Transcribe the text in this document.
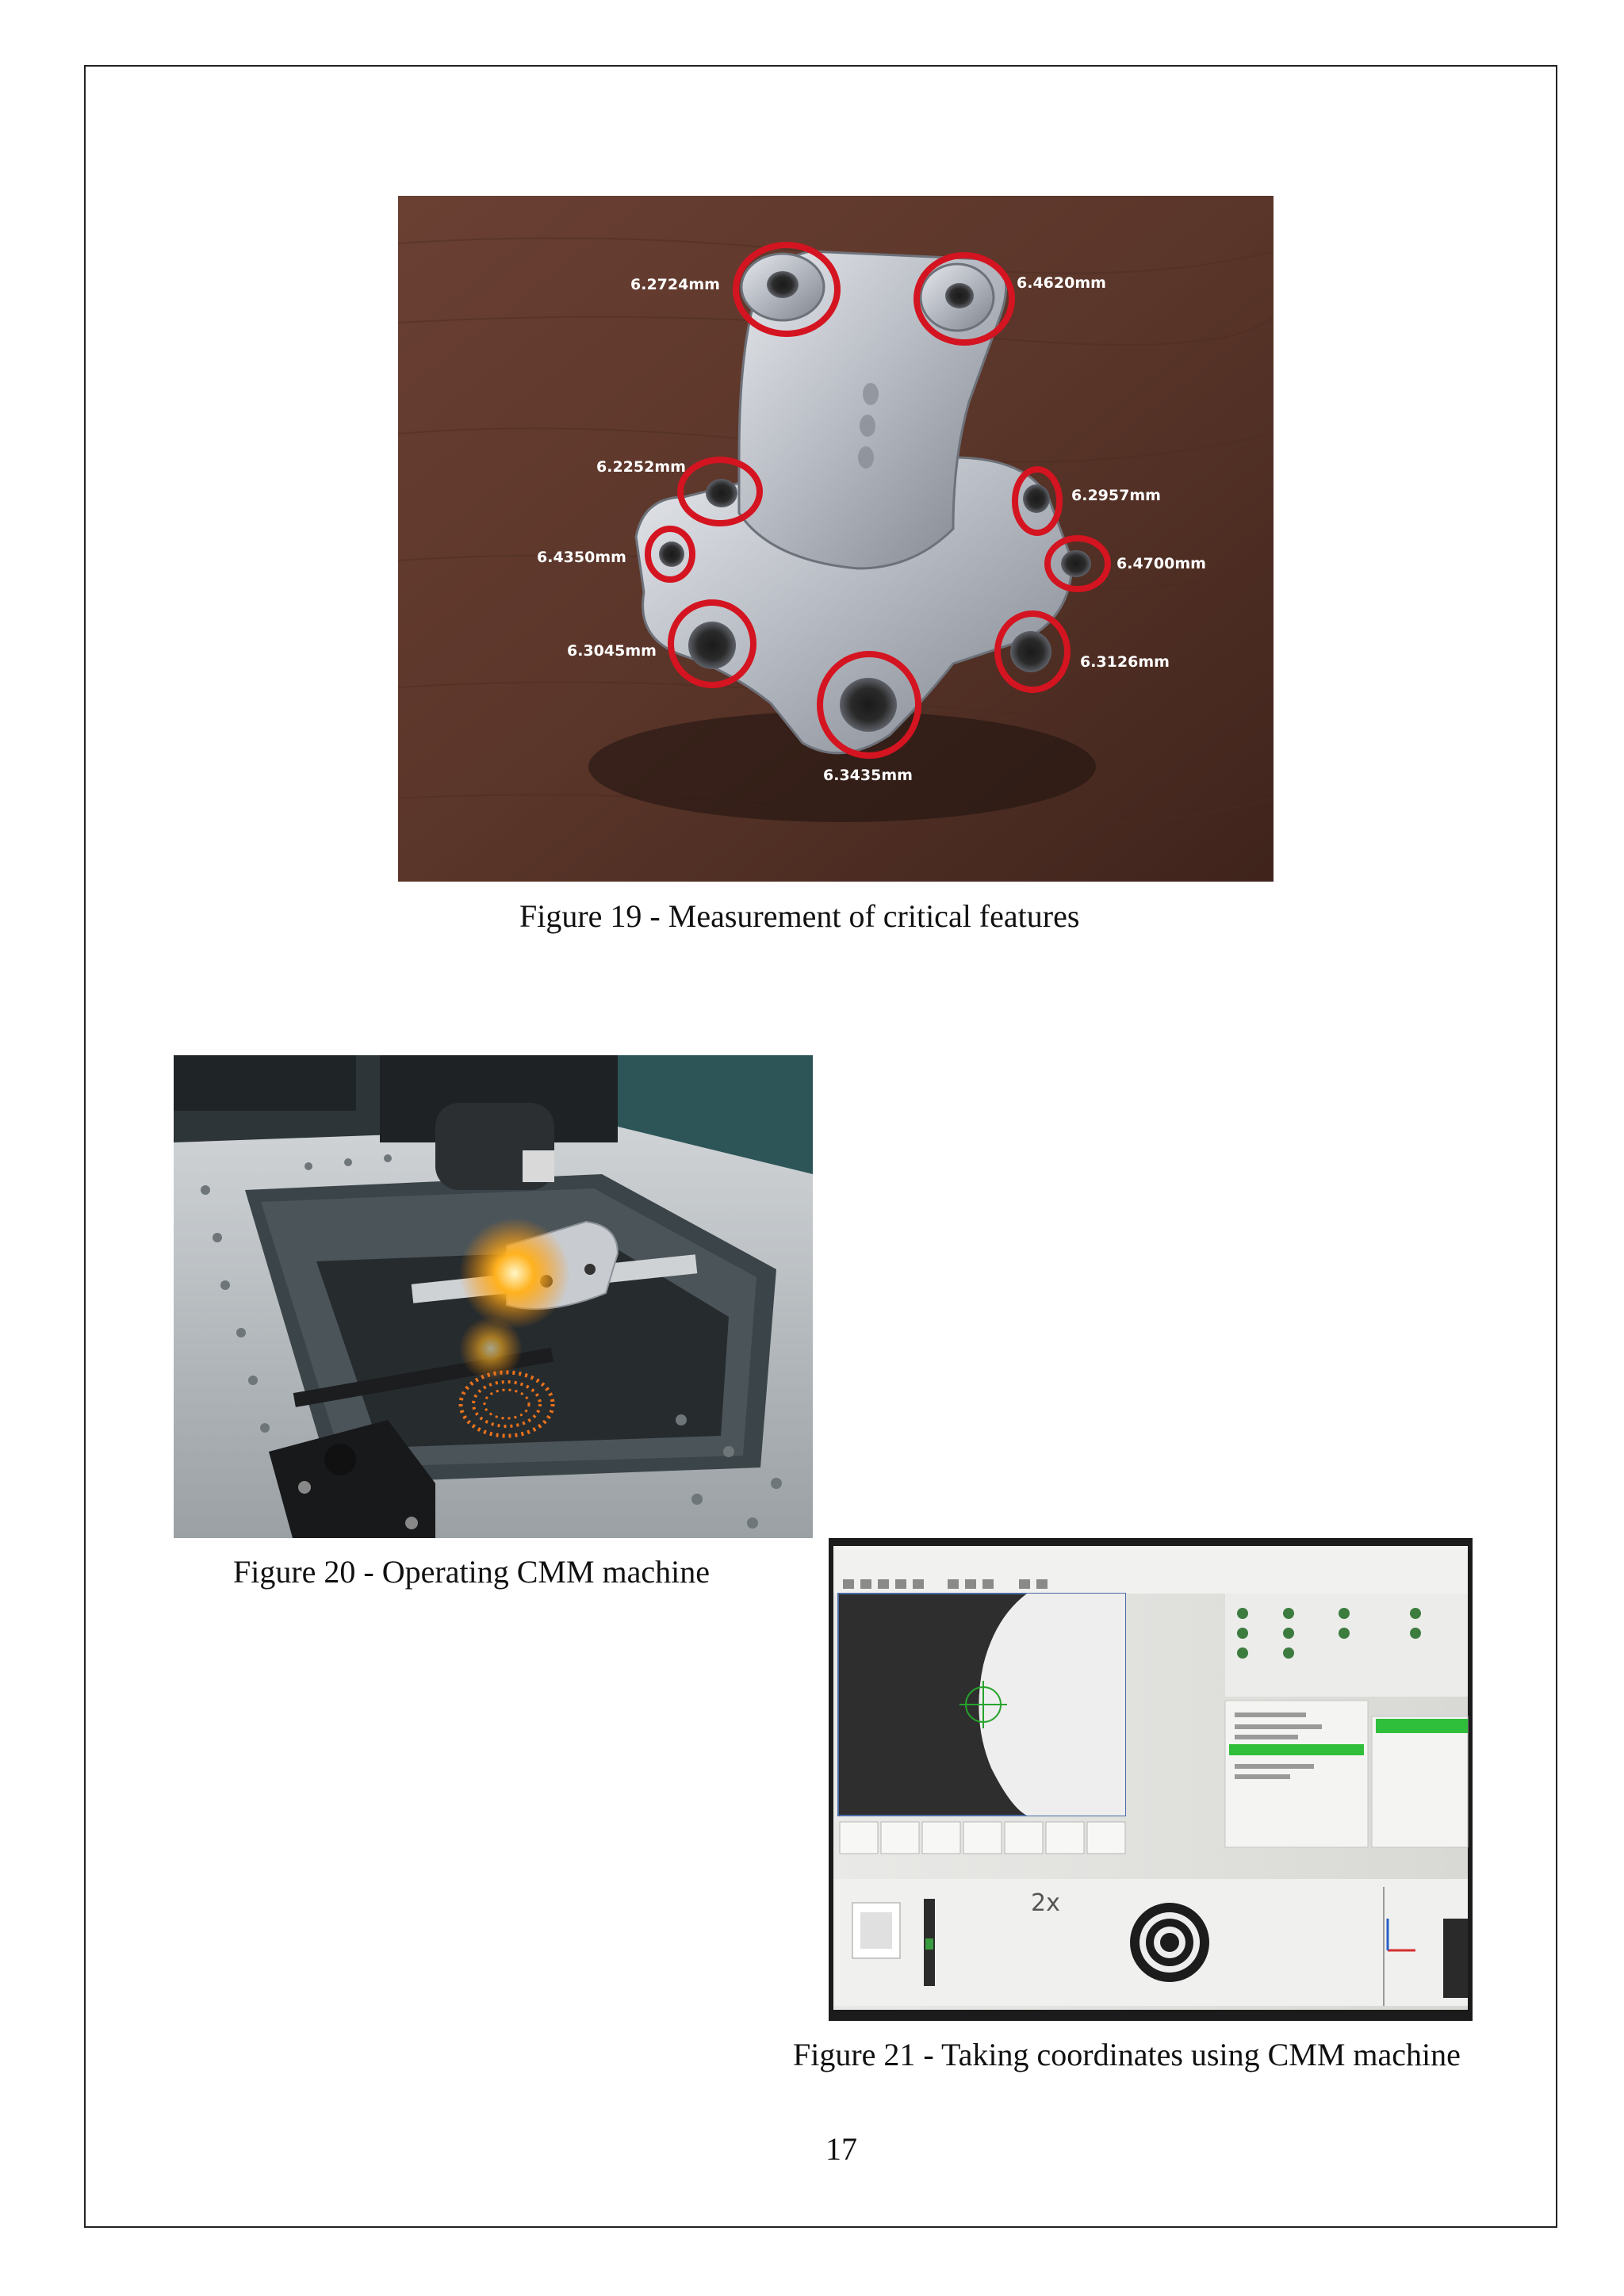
6.2724mm	6.4620mm
6.2252mm
6.2957mm
6.4350mm	6.4700mm
6.3045mm
6.3126mm
6.3435mm
Figure 19 - Measurement of critical features
Figure 20 - Operating CMM machine
2x
Figure 21 - Taking coordinates using CMM machine
17
